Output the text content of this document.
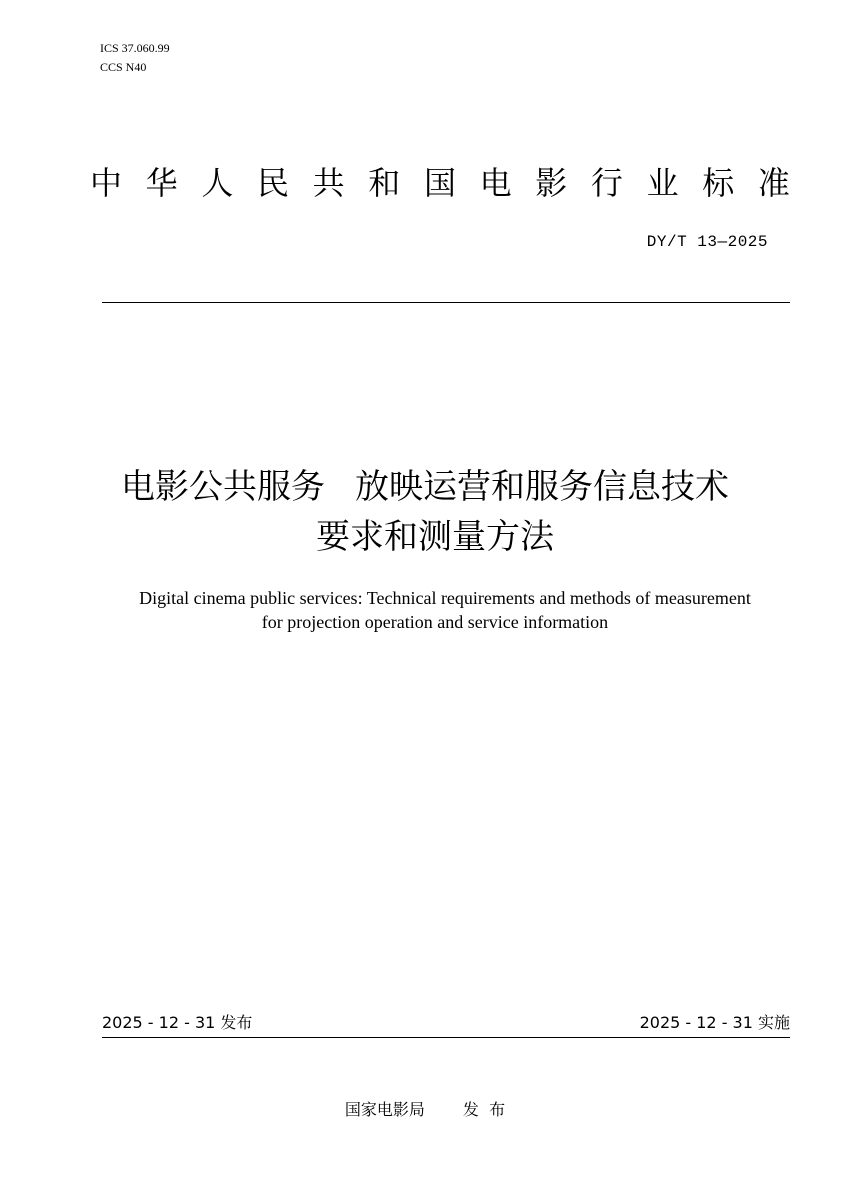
ICS 37.060.99
CCS N40
中 华 人 民 共 和 国 电 影 行 业 标 准
DY/T 13—2025
电影公共服务 放映运营和服务信息技术
要求和测量方法
Digital cinema public services: Technical requirements and methods of measurement
for projection operation and service information
2025 - 12 - 31 发布	2025 - 12 - 31 实施
国家电影局 发  布
